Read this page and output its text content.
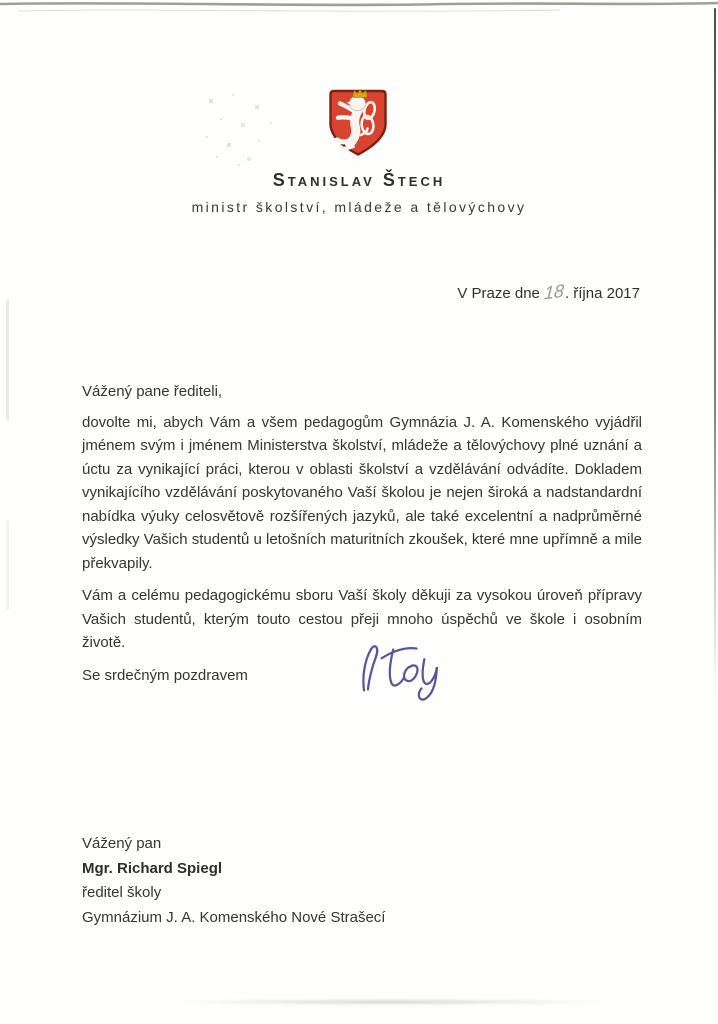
Stanislav Štech
ministr školství, mládeže a tělovýchovy
V Praze dne 18. října 2017

Vážený pane řediteli,

dovolte mi, abych Vám a všem pedagogům Gymnázia J. A. Komenského vyjádřil jménem svým i jménem Ministerstva školství, mládeže a tělovýchovy plné uznání a úctu za vynikající práci, kterou v oblasti školství a vzdělávání odvádíte. Dokladem vynikajícího vzdělávání poskytovaného Vaší školou je nejen široká a nadstandardní nabídka výuky celosvětově rozšířených jazyků, ale také excelentní a nadprůměrné výsledky Vašich studentů u letošních maturitních zkoušek, které mne upřímně a mile překvapily.

Vám a celému pedagogickému sboru Vaší školy děkuji za vysokou úroveň přípravy Vašich studentů, kterým touto cestou přeji mnoho úspěchů ve škole i osobním životě.

Se srdečným pozdravem

Vážený pan
Mgr. Richard Spiegl
ředitel školy
Gymnázium J. A. Komenského Nové Strašecí
